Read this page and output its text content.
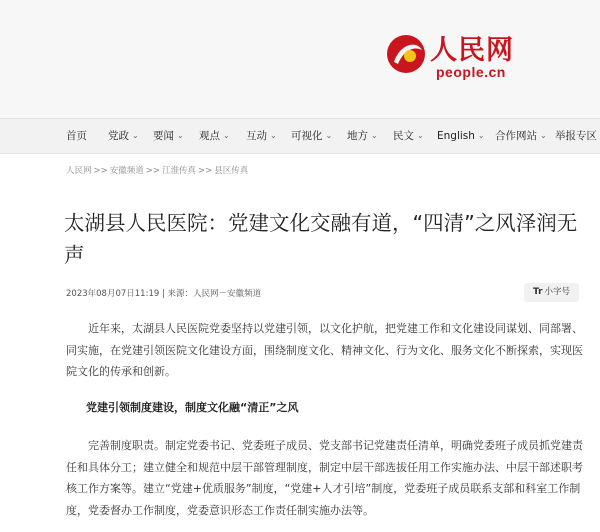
人民网
people.cn
首页 党政 ⌄ 要闻 ⌄ 观点 ⌄ 互动 ⌄ 可视化 ⌄ 地方 ⌄ 民文 ⌄ English ⌄ 合作网站 ⌄ 举报专区
人民网 >> 安徽频道 >> 江淮传真 >> 县区传真
太湖县人民医院：党建文化交融有道，“四清”之风泽润无声
2023年08月07日11:19 | 来源：人民网－安徽频道	Tr 小字号

近年来，太湖县人民医院党委坚持以党建引领，以文化护航，把党建工作和文化建设同谋划、同部署、同实施，在党建引领医院文化建设方面，围绕制度文化、精神文化、行为文化、服务文化不断探索，实现医院文化的传承和创新。

党建引领制度建设，制度文化融“清正”之风

完善制度职责。制定党委书记、党委班子成员、党支部书记党建责任清单，明确党委班子成员抓党建责任和具体分工；建立健全和规范中层干部管理制度，制定中层干部选拔任用工作实施办法、中层干部述职考核工作方案等。建立“党建+优质服务”制度，“党建+人才引培”制度，党委班子成员联系支部和科室工作制度，党委督办工作制度，党委意识形态工作责任制实施办法等。
